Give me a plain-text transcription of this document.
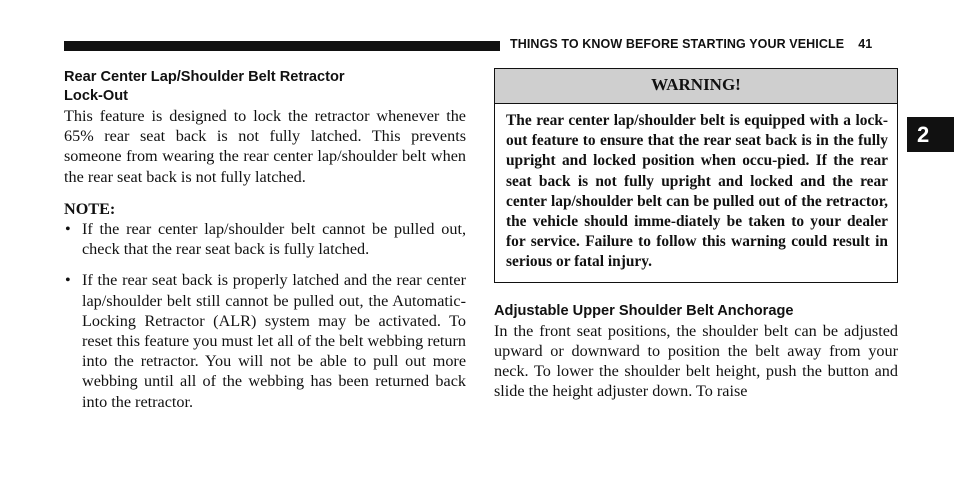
THINGS TO KNOW BEFORE STARTING YOUR VEHICLE 41
2
Rear Center Lap/Shoulder Belt Retractor
Lock-Out

This feature is designed to lock the retractor whenever the 65% rear seat back is not fully latched. This prevents someone from wearing the rear center lap/shoulder belt when the rear seat back is not fully latched.

NOTE:
• If the rear center lap/shoulder belt cannot be pulled out, check that the rear seat back is fully latched.
• If the rear seat back is properly latched and the rear center lap/shoulder belt still cannot be pulled out, the Automatic-Locking Retractor (ALR) system may be activated. To reset this feature you must let all of the belt webbing return into the retractor. You will not be able to pull out more webbing until all of the webbing has been returned back into the retractor.
WARNING!
The rear center lap/shoulder belt is equipped with a lock-out feature to ensure that the rear seat back is in the fully upright and locked position when occu-pied. If the rear seat back is not fully upright and locked and the rear center lap/shoulder belt can be pulled out of the retractor, the vehicle should imme-diately be taken to your dealer for service. Failure to follow this warning could result in serious or fatal injury.
Adjustable Upper Shoulder Belt Anchorage

In the front seat positions, the shoulder belt can be adjusted upward or downward to position the belt away from your neck. To lower the shoulder belt height, push the button and slide the height adjuster down. To raise
